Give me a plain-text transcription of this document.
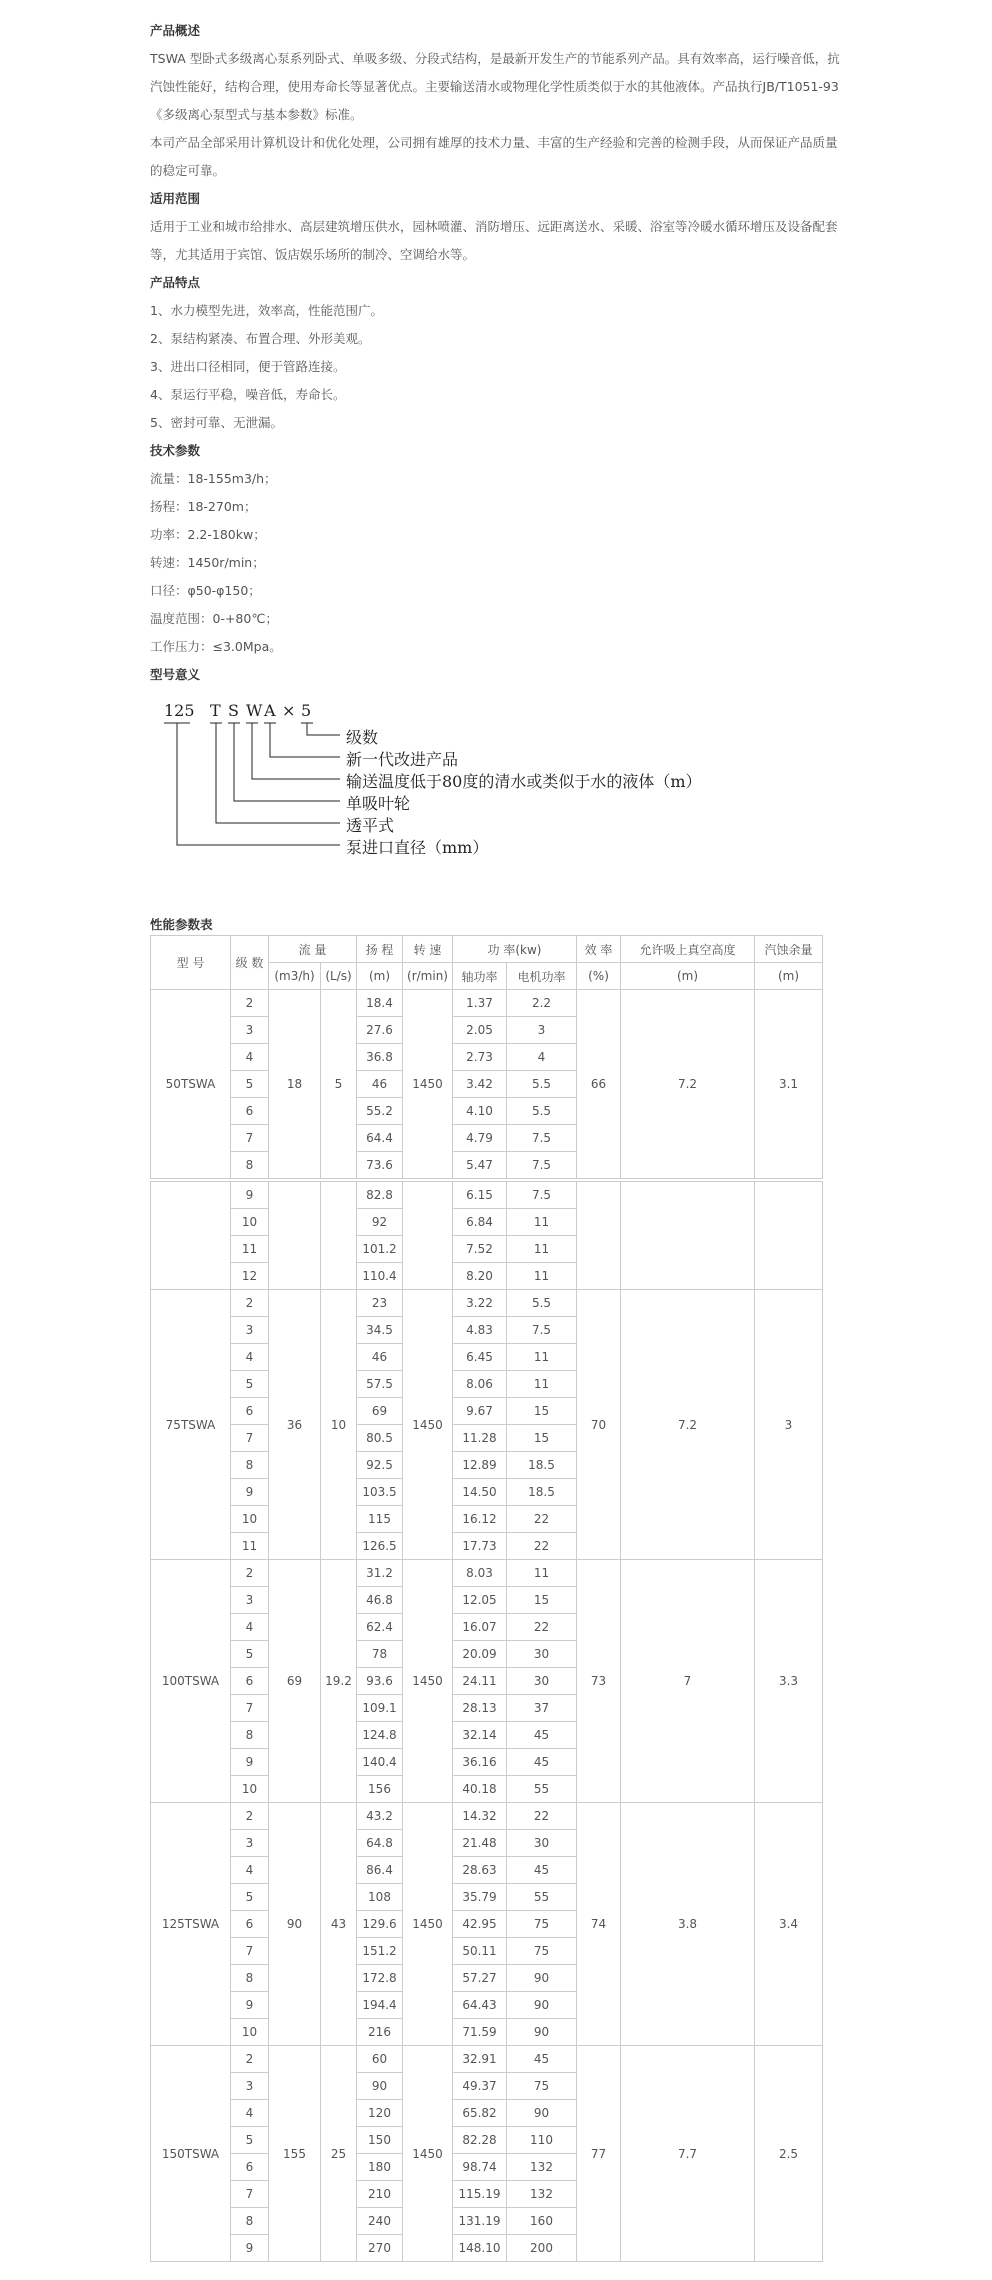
产品概述
TSWA 型卧式多级离心泵系列卧式、单吸多级、分段式结构，是最新开发生产的节能系列产品。具有效率高，运行噪音低，抗汽蚀性能好，结构合理，使用寿命长等显著优点。主要输送清水或物理化学性质类似于水的其他液体。产品执行JB/T1051-93《多级离心泵型式与基本参数》标准。
本司产品全部采用计算机设计和优化处理，公司拥有雄厚的技术力量、丰富的生产经验和完善的检测手段，从而保证产品质量的稳定可靠。
适用范围
适用于工业和城市给排水、高层建筑增压供水，园林喷灌、消防增压、远距离送水、采暖、浴室等冷暖水循环增压及设备配套等，尤其适用于宾馆、饭店娱乐场所的制冷、空调给水等。
产品特点
1、水力模型先进，效率高，性能范围广。
2、泵结构紧凑、布置合理、外形美观。
3、进出口径相同，便于管路连接。
4、泵运行平稳，噪音低，寿命长。
5、密封可靠、无泄漏。
技术参数
流量：18-155m3/h；
扬程：18-270m；
功率：2.2-180kw；
转速：1450r/min；
口径：φ50-φ150；
温度范围：0-+80℃；
工作压力：≤3.0Mpa。
型号意义
125 T S W A × 5
级数
新一代改进产品
输送温度低于80度的清水或类似于水的液体（m）
单吸叶轮
透平式
泵进口直径（mm）
性能参数表
型 号	级 数	流 量		扬 程	转 速	功 率(kw)		效 率	允许吸上真空高度	汽蚀余量
		(m3/h)	(L/s)	(m)	(r/min)	轴功率	电机功率	(%)	(m)	(m)
50TSWA	2	18	5	18.4	1450	1.37	2.2	66	7.2	3.1
	3			27.6		2.05	3			
	4			36.8		2.73	4			
	5			46		3.42	5.5			
	6			55.2		4.10	5.5			
	7			64.4		4.79	7.5			
	8			73.6		5.47	7.5			
	9			82.8		6.15	7.5			
	10			92		6.84	11			
	11			101.2		7.52	11			
	12			110.4		8.20	11			
75TSWA	2	36	10	23	1450	3.22	5.5	70	7.2	3
	3			34.5		4.83	7.5			
	4			46		6.45	11			
	5			57.5		8.06	11			
	6			69		9.67	15			
	7			80.5		11.28	15			
	8			92.5		12.89	18.5			
	9			103.5		14.50	18.5			
	10			115		16.12	22			
	11			126.5		17.73	22			
100TSWA	2	69	19.2	31.2	1450	8.03	11	73	7	3.3
	3			46.8		12.05	15			
	4			62.4		16.07	22			
	5			78		20.09	30			
	6			93.6		24.11	30			
	7			109.1		28.13	37			
	8			124.8		32.14	45			
	9			140.4		36.16	45			
	10			156		40.18	55			
125TSWA	2	90	43	43.2	1450	14.32	22	74	3.8	3.4
	3			64.8		21.48	30			
	4			86.4		28.63	45			
	5			108		35.79	55			
	6			129.6		42.95	75			
	7			151.2		50.11	75			
	8			172.8		57.27	90			
	9			194.4		64.43	90			
	10			216		71.59	90			
150TSWA	2	155	25	60	1450	32.91	45	77	7.7	2.5
	3			90		49.37	75			
	4			120		65.82	90			
	5			150		82.28	110			
	6			180		98.74	132			
	7			210		115.19	132			
	8			240		131.19	160			
	9			270		148.10	200			
